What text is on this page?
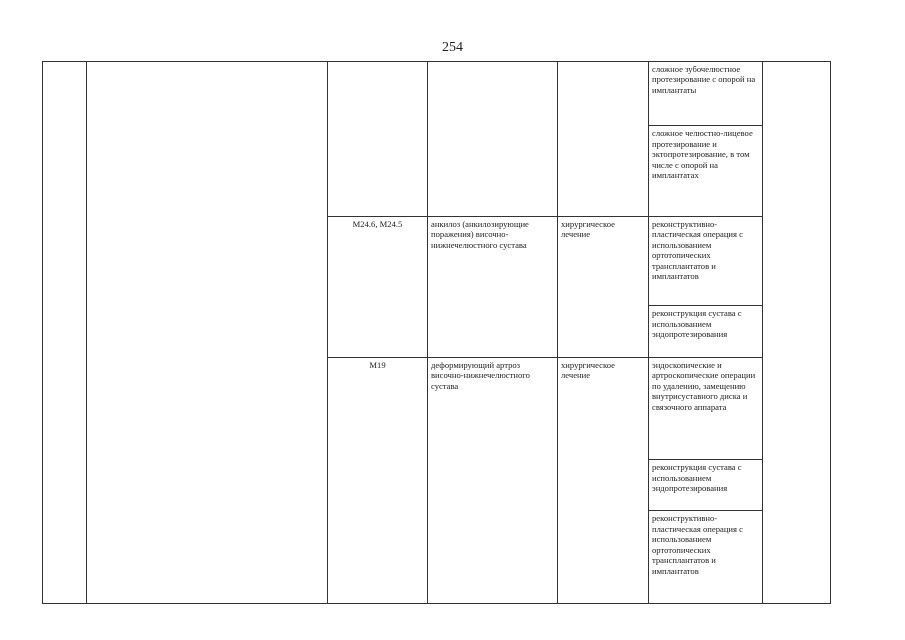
254

					сложное зубочелюстное протезирование с опорой на имплантаты	

					сложное челюстно-лицевое протезирование и эктопротезирование, в том числе с опорой на имплантатах	

		M24.6, M24.5	анкилоз (анкилозирующие поражения) височно-нижнечелюстного сустава	хирургическое лечение	реконструктивно-пластическая операция с использованием ортотопических трансплантатов и имплантатов	

					реконструкция сустава с использованием эндопротезирования	

		M19	деформирующий артроз височно-нижнечелюстного сустава	хирургическое лечение	эндоскопические и артроскопические операции по удалению, замещению внутрисуставного диска и связочного аппарата	

					реконструкция сустава с использованием эндопротезирования	

					реконструктивно-пластическая операция с использованием ортотопических трансплантатов и имплантатов	
